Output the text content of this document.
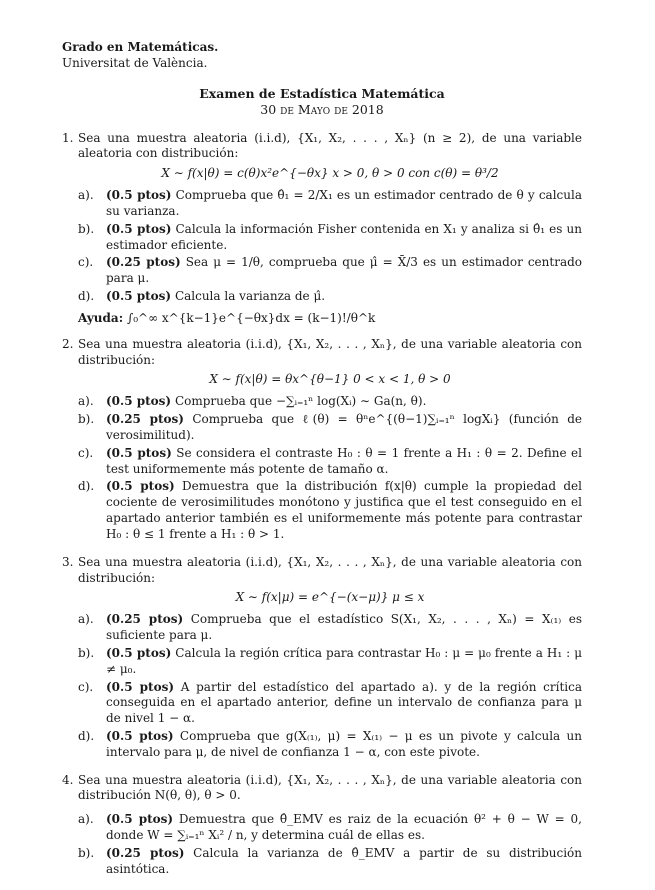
Grado en Matemáticas.
Universitat de València.
Examen de Estadística Matemática
30 de Mayo de 2018
1. Sea una muestra aleatoria (i.i.d), {X₁, X₂, . . . , Xₙ} (n ≥ 2), de una variable aleatoria con distribución:
X ∼ f(x|θ) = c(θ)x²e^{−θx} x > 0, θ > 0 con c(θ) = θ³/2
a).	(0.5 ptos) Comprueba que θ̂₁ = 2/X₁ es un estimador centrado de θ y calcula su varianza.
b). (0.5 ptos) Calcula la información Fisher contenida en X₁ y analiza si θ̂₁ es un estimador eficiente.
c).	(0.25 ptos) Sea μ = 1/θ, comprueba que μ̂ = X̄/3 es un estimador centrado para μ.
d). (0.5 ptos) Calcula la varianza de μ̂.
Ayuda: ∫₀^∞ x^{k−1}e^{−θx}dx = (k−1)!/θ^k
2. Sea una muestra aleatoria (i.i.d), {X₁, X₂, . . . , Xₙ}, de una variable aleatoria con distribución:
X ∼ f(x|θ) = θx^{θ−1} 0 < x < 1, θ > 0
a).	(0.5 ptos) Comprueba que −∑ᵢ₌₁ⁿ log(Xᵢ) ∼ Ga(n, θ).
b). (0.25 ptos) Comprueba que ℓ(θ) = θⁿe^{(θ−1)∑ᵢ₌₁ⁿ logXᵢ} (función de verosimilitud).
c).	(0.5 ptos) Se considera el contraste H₀ : θ = 1 frente a H₁ : θ = 2. Define el test uniformemente más potente de tamaño α.
d). (0.5 ptos) Demuestra que la distribución f(x|θ) cumple la propiedad del cociente de verosimilitudes monótono y justifica que el test conseguido en el apartado anterior también es el uniformemente más potente para contrastar H₀ : θ ≤ 1 frente a H₁ : θ > 1.
3. Sea una muestra aleatoria (i.i.d), {X₁, X₂, . . . , Xₙ}, de una variable aleatoria con distribución:
X ∼ f(x|μ) = e^{−(x−μ)} μ ≤ x
a).	(0.25 ptos) Comprueba que el estadístico S(X₁, X₂, . . . , Xₙ) = X₍₁₎ es suficiente para μ.
b). (0.5 ptos) Calcula la región crítica para contrastar H₀ : μ = μ₀ frente a H₁ : μ ≠ μ₀.
c).	(0.5 ptos) A partir del estadístico del apartado a). y de la región crítica conseguida en el apartado anterior, define un intervalo de confianza para μ de nivel 1 − α.
d). (0.5 ptos) Comprueba que g(X₍₁₎, μ) = X₍₁₎ − μ es un pivote y calcula un intervalo para μ, de nivel de confianza 1 − α, con este pivote.
4. Sea una muestra aleatoria (i.i.d), {X₁, X₂, . . . , Xₙ}, de una variable aleatoria con distribución N(θ, θ), θ > 0.
a).	(0.5 ptos) Demuestra que θ̂_EMV es raiz de la ecuación θ² + θ − W = 0, donde W = ∑ᵢ₌₁ⁿ Xᵢ² / n, y determina cuál de ellas es.
b). (0.25 ptos) Calcula la varianza de θ̂_EMV a partir de su distribución asintótica.
